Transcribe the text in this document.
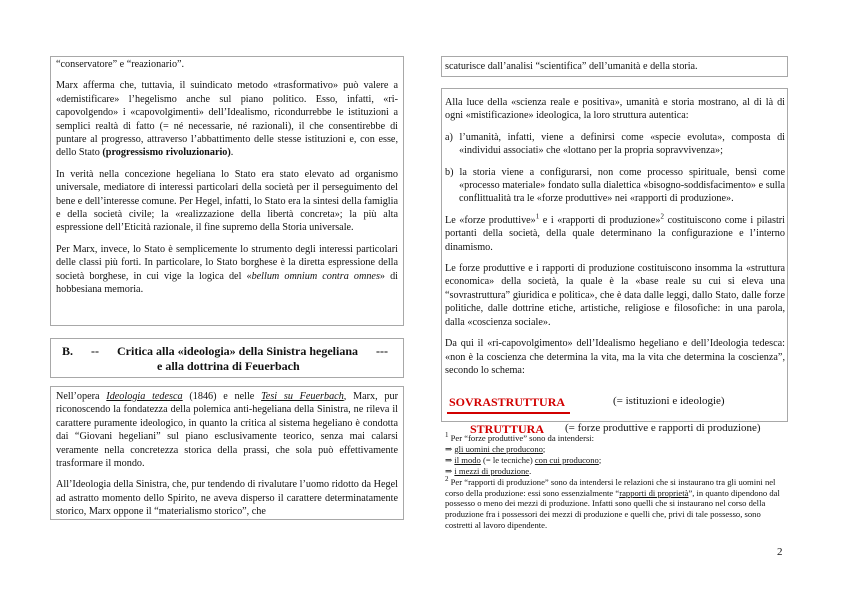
“conservatore” e “reazionario”.

Marx afferma che, tuttavia, il suindicato metodo «trasformativo» può valere a «demistificare» l’hegelismo anche sul piano politico. Esso, infatti, «ri-capovolgendo» i «capovolgimenti» dell’Idealismo, ricondurrebbe le istituzioni a semplici realtà di fatto (= né necessarie, né razionali), il che consentirebbe di puntare al progresso, attraverso l’abbattimento delle stesse istituzioni e, con esse, dello Stato (progressismo rivoluzionario).

In verità nella concezione hegeliana lo Stato era stato elevato ad organismo universale, mediatore di interessi particolari della società per il perseguimento del bene e dell’interesse comune. Per Hegel, infatti, lo Stato era la sintesi della famiglia e della società civile; la «realizzazione della libertà concreta»; la più alta espressione dell’Eticità razionale, il fine supremo della Storia universale.

Per Marx, invece, lo Stato è semplicemente lo strumento degli interessi particolari delle classi più forti. In particolare, lo Stato borghese è la diretta espressione della società borghese, in cui vige la logica del «bellum omnium contra omnes» di hobbesiana memoria.

B.      --      Critica alla «ideologia» della Sinistra hegeliana      ---
e alla dottrina di Feuerbach

Nell’opera Ideologia tedesca (1846) e nelle Tesi su Feuerbach, Marx, pur riconoscendo la fondatezza della polemica anti-hegeliana della Sinistra, ne rileva il carattere puramente ideologico, in quanto la critica al sistema hegeliano è condotta dai “Giovani hegeliani” sul piano esclusivamente teorico, senza mai calarsi veramente nella concretezza storica della prassi, che sola può effettivamente trasformare il mondo.

All’Ideologia della Sinistra, che, pur tendendo di rivalutare l’uomo ridotto da Hegel ad astratto momento dello Spirito, ne aveva disperso il carattere determinatamente storico, Marx oppone il “materialismo storico”, che

scaturisce dall’analisi “scientifica” dell’umanità e della storia.

Alla luce della «scienza reale e positiva», umanità e storia mostrano, al di là di ogni «mistificazione» ideologica, la loro struttura autentica:

a) l’umanità, infatti, viene a definirsi come «specie evoluta», composta di «individui associati» che «lottano per la propria sopravvivenza»;

b) la storia viene a configurarsi, non come processo spirituale, bensì come «processo materiale» fondato sulla dialettica «bisogno-soddisfacimento» e sulla conflittualità tra le «forze produttive» nei «rapporti di produzione».

Le «forze produttive»$^1$ e i «rapporti di produzione»$^2$ costituiscono come i pilastri portanti della società, della quale determinano la configurazione e l’interno dinamismo.

Le forze produttive e i rapporti di produzione costituiscono insomma la «struttura economica» della società, la quale è la «base reale su cui si eleva una “sovrastruttura” giuridica e politica», che è data dalle leggi, dallo Stato, dalle forze politiche, dalle dottrine etiche, artistiche, religiose e filosofiche: in una parola, dalla «coscienza sociale».

Da qui il «ri-capovolgimento» dell’Idealismo hegeliano e dell’Ideologia tedesca: «non è la coscienza che determina la vita, ma la vita che determina la coscienza”, secondo lo schema:

SOVRASTRUTTURA	(= istituzioni e ideologie)
STRUTTURA (= forze produttive e rapporti di produzione)

$^1$ Per “forze produttive” sono da intendersi:

⇒ gli uomini che producono;

⇒ il modo (= le tecniche) con cui producono;

⇒ i mezzi di produzione.

$^2$ Per “rapporti di produzione” sono da intendersi le relazioni che si instaurano tra gli uomini nel corso della produzione: essi sono essenzialmente “rapporti di proprietà”, in quanto dipendono dal possesso o meno dei mezzi di produzione. Infatti sono quelli che si instaurano nel corso della produzione fra i possessori dei mezzi di produzione e quelli che, privi di tale possesso, sono costretti al lavoro dipendente.

2
